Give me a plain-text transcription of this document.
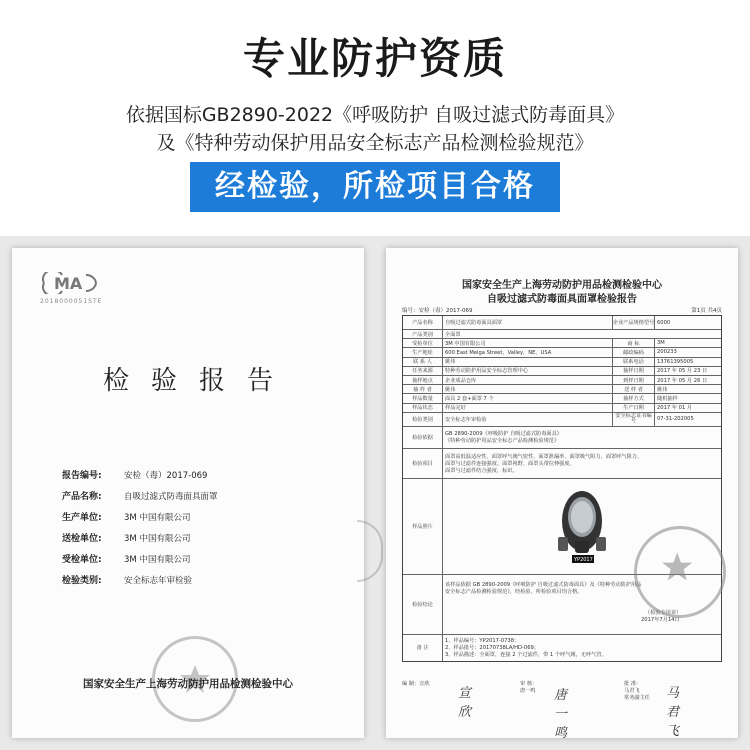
专业防护资质
依据国标GB2890-2022《呼吸防护 自吸过滤式防毒面具》
及《特种劳动保护用品安全标志产品检测检验规范》
经检验，所检项目合格
MA
2018000051STE
检验报告
报告编号:	安检（毒）2017-069
产品名称:	自吸过滤式防毒面具面罩
生产单位:	3M 中国有限公司
送检单位:	3M 中国有限公司
受检单位:	3M 中国有限公司
检验类别:	安全标志年审检验
国家安全生产上海劳动防护用品检测检验中心
国家安全生产上海劳动防护用品检测检验中心
自吸过滤式防毒面具面罩检验报告
编号：安检（毒）2017-069	第1页 共4页
产品名称	自吸过滤式防毒面具面罩	企业产品规格型号 6000
产品类别	全面罩
受检单位	3M 中国有限公司	商 标	3M
生产地址	600 East Meiga Street，Valley，NE，USA	邮政编码	200233
联 系 人	姚伟	联系电话	13761395005
任务来源	特种劳动防护用品安全标志管理中心	抽样日期	2017 年 05 月 23 日
抽样地点	企业成品仓库	到样日期	2017 年 05 月 26 日
抽 样 者	姚伟	送 样 者	姚伟
样品数量	面具 2 套+面罩 7 个	抽样方式	随机抽样
样品状态	样品完好	生产日期	2017 年 01 月
检验类别	安全标志年审检验
安全标志证书编号	07-31-202005
检验依据
GB 2890-2009《呼吸防护 自吸过滤式防毒面具》
《特种劳动防护用品安全标志产品检测检验规范》
检验项目
面罩高低温适应性、面罩呼气阀气密性、面罩泄漏率、面罩吸气阻力、面罩呼气阻力、
面罩与过滤件连接强度、面罩视野、面罩头带拉伸强度、
面罩与过滤件结合强度、标识。
样品照片
YP2017
检验结论
该样品依据 GB 2890-2009《呼吸防护 自吸过滤式防毒面具》及《特种劳动防护用品
安全标志产品检测检验规范》，经检验，所检验项目均合格。
（检验专用章）
2017年7月14日
备 注
1、样品编号：YP2017-0738；
2、样品批号：20170738LA/HD-069；
3、样品描述：全面罩，连接 2 个过滤件，带 1 个呼气阀，无呼气管。
编 制：宣欣
宣欣
审 核：
唐一鸣 唐一鸣
批 准：
马君飞
常务副主任 马君飞
